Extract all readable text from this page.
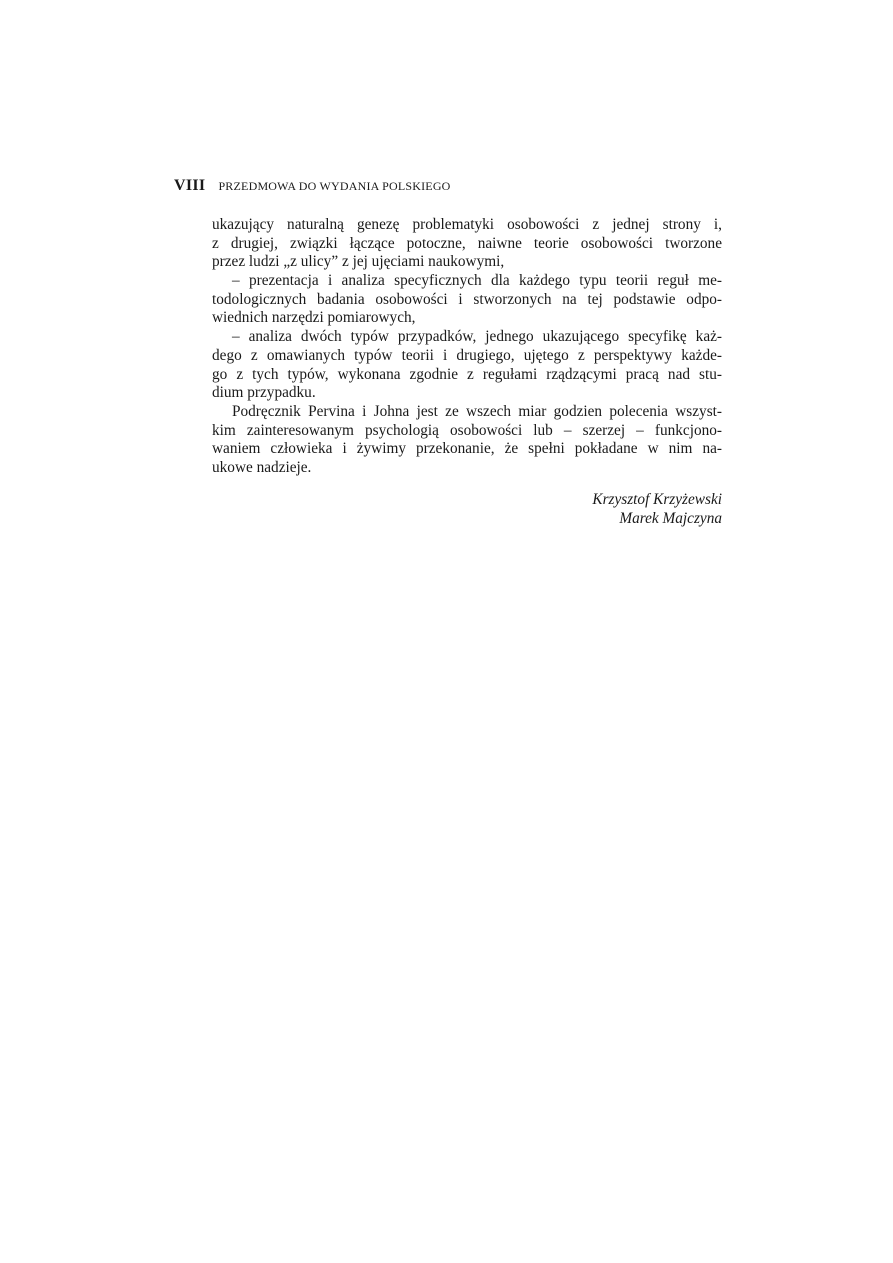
VIII PRZEDMOWA DO WYDANIA POLSKIEGO
ukazujący naturalną genezę problematyki osobowości z jednej strony i,
z drugiej, związki łączące potoczne, naiwne teorie osobowości tworzone
przez ludzi „z ulicy” z jej ujęciami naukowymi,
– prezentacja i analiza specyficznych dla każdego typu teorii reguł me-
todologicznych badania osobowości i stworzonych na tej podstawie odpo-
wiednich narzędzi pomiarowych,
– analiza dwóch typów przypadków, jednego ukazującego specyfikę każ-
dego z omawianych typów teorii i drugiego, ujętego z perspektywy każde-
go z tych typów, wykonana zgodnie z regułami rządzącymi pracą nad stu-
dium przypadku.
Podręcznik Pervina i Johna jest ze wszech miar godzien polecenia wszyst-
kim zainteresowanym psychologią osobowości lub – szerzej – funkcjono-
waniem człowieka i żywimy przekonanie, że spełni pokładane w nim na-
ukowe nadzieje.
Krzysztof Krzyżewski
Marek Majczyna
